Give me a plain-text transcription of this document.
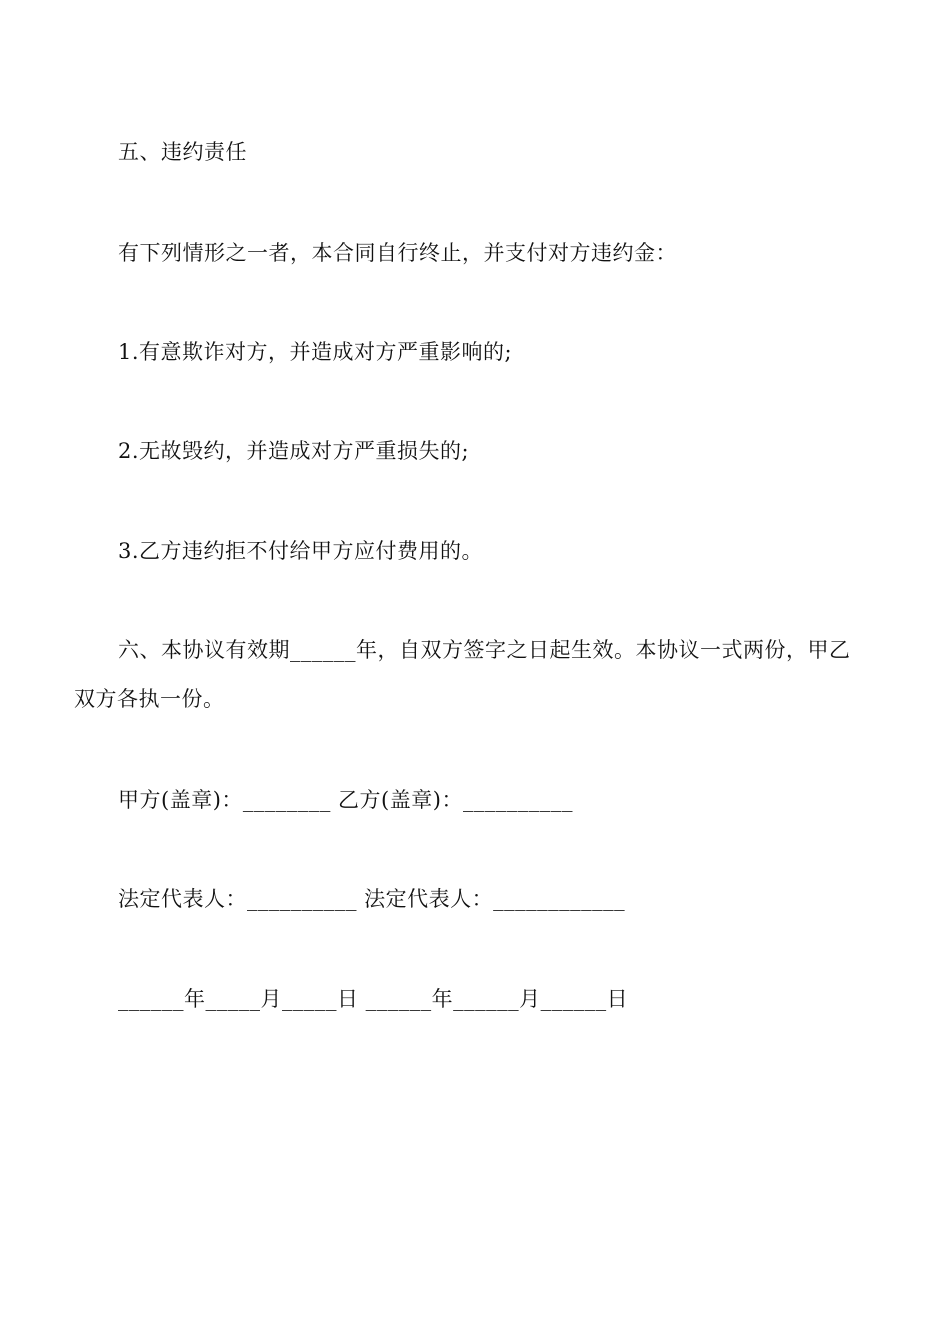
五、违约责任
有下列情形之一者，本合同自行终止，并支付对方违约金：
1.有意欺诈对方，并造成对方严重影响的;
2.无故毁约，并造成对方严重损失的;
3.乙方违约拒不付给甲方应付费用的。
六、本协议有效期______年，自双方签字之日起生效。本协议一式两份，甲乙
双方各执一份。
甲方(盖章)：________ 乙方(盖章)：__________
法定代表人：__________ 法定代表人：____________
______年_____月_____日 ______年______月______日
